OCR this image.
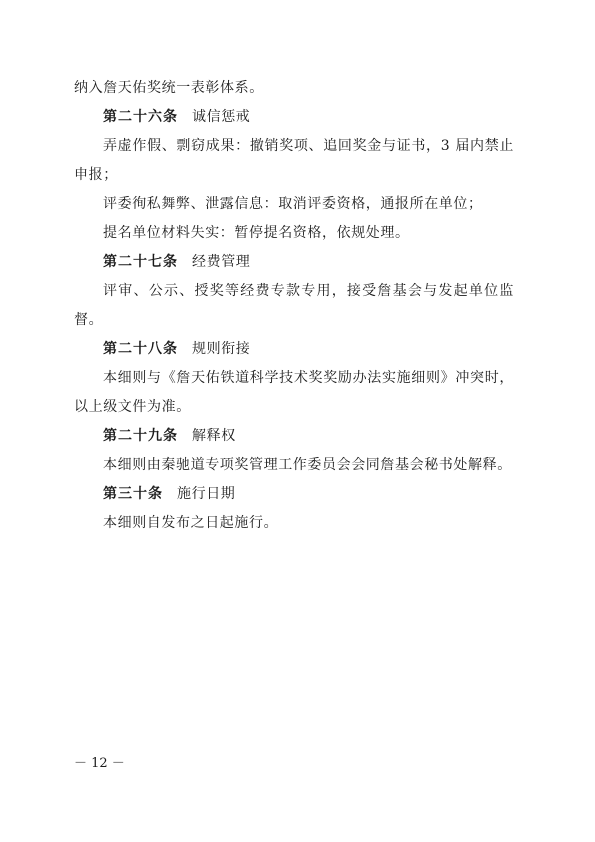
纳入詹天佑奖统一表彰体系。

第二十六条 诚信惩戒

弄虚作假、剽窃成果：撤销奖项、追回奖金与证书，3 届内禁止申报；

评委徇私舞弊、泄露信息：取消评委资格，通报所在单位；

提名单位材料失实：暂停提名资格，依规处理。

第二十七条 经费管理

评审、公示、授奖等经费专款专用，接受詹基会与发起单位监督。

第二十八条 规则衔接

本细则与《詹天佑铁道科学技术奖奖励办法实施细则》冲突时，以上级文件为准。

第二十九条 解释权

本细则由秦驰道专项奖管理工作委员会会同詹基会秘书处解释。

第三十条 施行日期

本细则自发布之日起施行。

－ 12 －
